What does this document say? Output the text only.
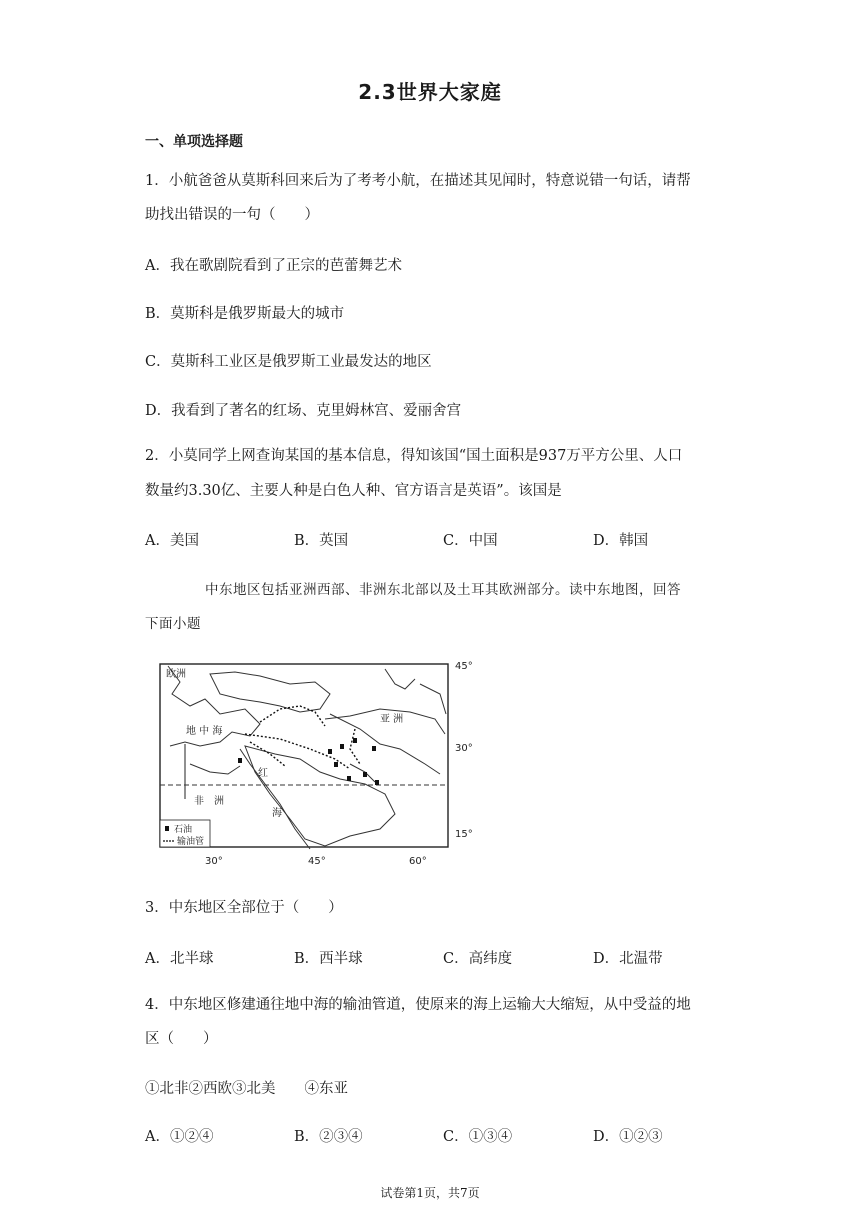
2.3世界大家庭
一、单项选择题
1．小航爸爸从莫斯科回来后为了考考小航，在描述其见闻时，特意说错一句话，请帮
助找出错误的一句（　　）
A．我在歌剧院看到了正宗的芭蕾舞艺术
B．莫斯科是俄罗斯最大的城市
C．莫斯科工业区是俄罗斯工业最发达的地区
D．我看到了著名的红场、克里姆林宫、爱丽舍宫
2．小莫同学上网查询某国的基本信息，得知该国“国土面积是937万平方公里、人口
数量约3.30亿、主要人种是白色人种、官方语言是英语”。该国是
A．美国	B．英国	C．中国	D．韩国
中东地区包括亚洲西部、非洲东北部以及土耳其欧洲部分。读中东地图，回答
下面小题
欧洲
亚 洲
地 中 海
红
非　洲
海
石油
输油管
45°
30°
15°
30°	45°	60°
3．中东地区全部位于（　　）
A．北半球	B．西半球	C．高纬度	D．北温带
4．中东地区修建通往地中海的输油管道，使原来的海上运输大大缩短，从中受益的地
区（　　）
①北非②西欧③北美　　④东亚
A．①②④	B．②③④	C．①③④	D．①②③
试卷第1页，共7页
